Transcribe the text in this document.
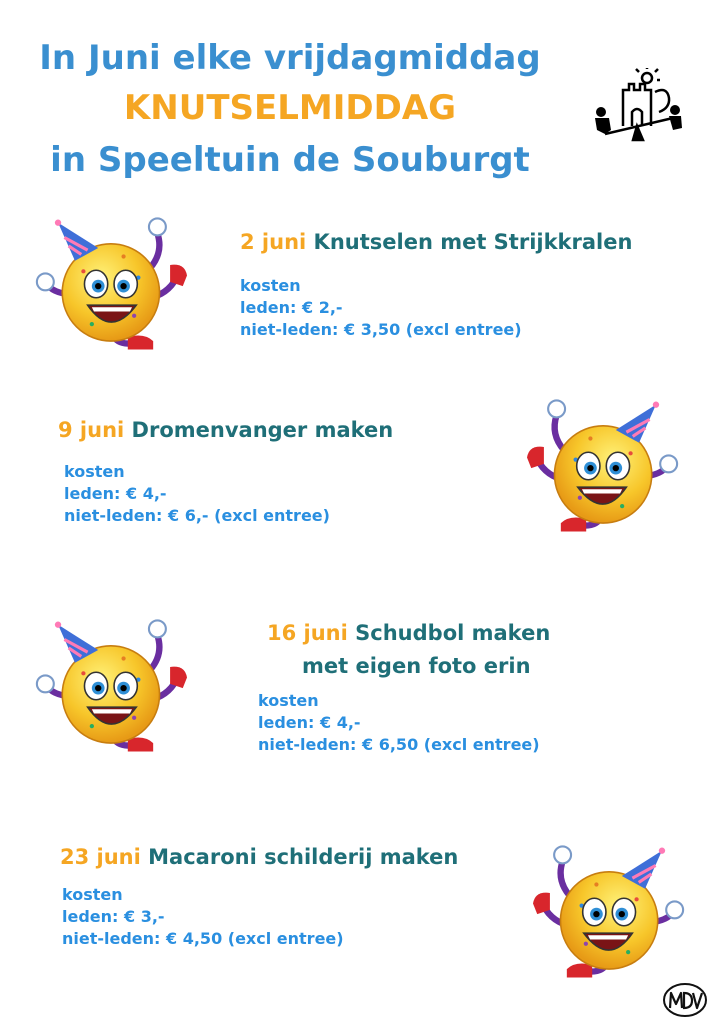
In Juni elke vrijdagmiddag
KNUTSELMIDDAG
in Speeltuin de Souburgt
2 juni Knutselen met Strijkkralen
kosten
leden: € 2,-
niet-leden: € 3,50 (excl entree)
9 juni Dromenvanger maken
kosten
leden: € 4,-
niet-leden: € 6,- (excl entree)
16 juni Schudbol maken
met eigen foto erin
kosten
leden: € 4,-
niet-leden: € 6,50 (excl entree)
23 juni Macaroni schilderij maken
kosten
leden: € 3,-
niet-leden: € 4,50 (excl entree)
